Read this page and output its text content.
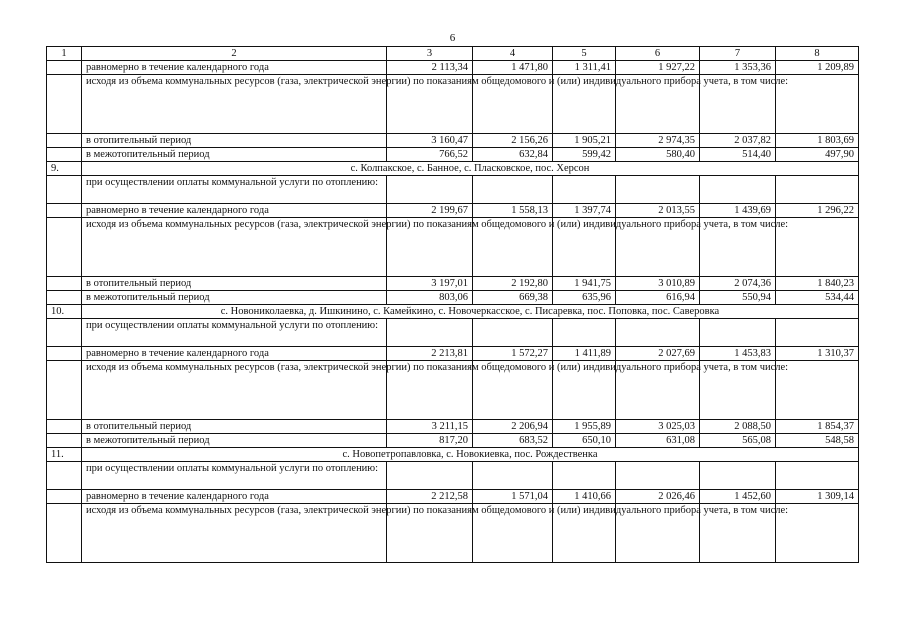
6
1	2	3	4	5	6	7	8
	равномерно в течение календарного года	2 113,34	1 471,80	1 311,41	1 927,22	1 353,36	1 209,89
	исходя из объема коммунальных ресурсов (газа, электрической энергии) по показаниям общедомового и (или) индивидуального прибора учета, в том числе:						
	в отопительный период	3 160,47	2 156,26	1 905,21	2 974,35	2 037,82	1 803,69
	в межотопительный период	766,52	632,84	599,42	580,40	514,40	497,90
9.	с. Колпакское, с. Банное, с. Пласковское, пос. Херсон						
	при осуществлении оплаты коммунальной услуги по отоплению:						
	равномерно в течение календарного года	2 199,67	1 558,13	1 397,74	2 013,55	1 439,69	1 296,22
	исходя из объема коммунальных ресурсов (газа, электрической энергии) по показаниям общедомового и (или) индивидуального прибора учета, в том числе:						
	в отопительный период	3 197,01	2 192,80	1 941,75	3 010,89	2 074,36	1 840,23
	в межотопительный период	803,06	669,38	635,96	616,94	550,94	534,44
10.	с. Новониколаевка, д. Ишкинино, с. Камейкино, с. Новочеркасское, с. Писаревка, пос. Поповка, пос. Саверовка						
	при осуществлении оплаты коммунальной услуги по отоплению:						
	равномерно в течение календарного года	2 213,81	1 572,27	1 411,89	2 027,69	1 453,83	1 310,37
	исходя из объема коммунальных ресурсов (газа, электрической энергии) по показаниям общедомового и (или) индивидуального прибора учета, в том числе:						
	в отопительный период	3 211,15	2 206,94	1 955,89	3 025,03	2 088,50	1 854,37
	в межотопительный период	817,20	683,52	650,10	631,08	565,08	548,58
11.	с. Новопетропавловка, с. Новокиевка, пос. Рождественка						
	при осуществлении оплаты коммунальной услуги по отоплению:						
	равномерно в течение календарного года	2 212,58	1 571,04	1 410,66	2 026,46	1 452,60	1 309,14
	исходя из объема коммунальных ресурсов (газа, электрической энергии) по показаниям общедомового и (или) индивидуального прибора учета, в том числе:						
